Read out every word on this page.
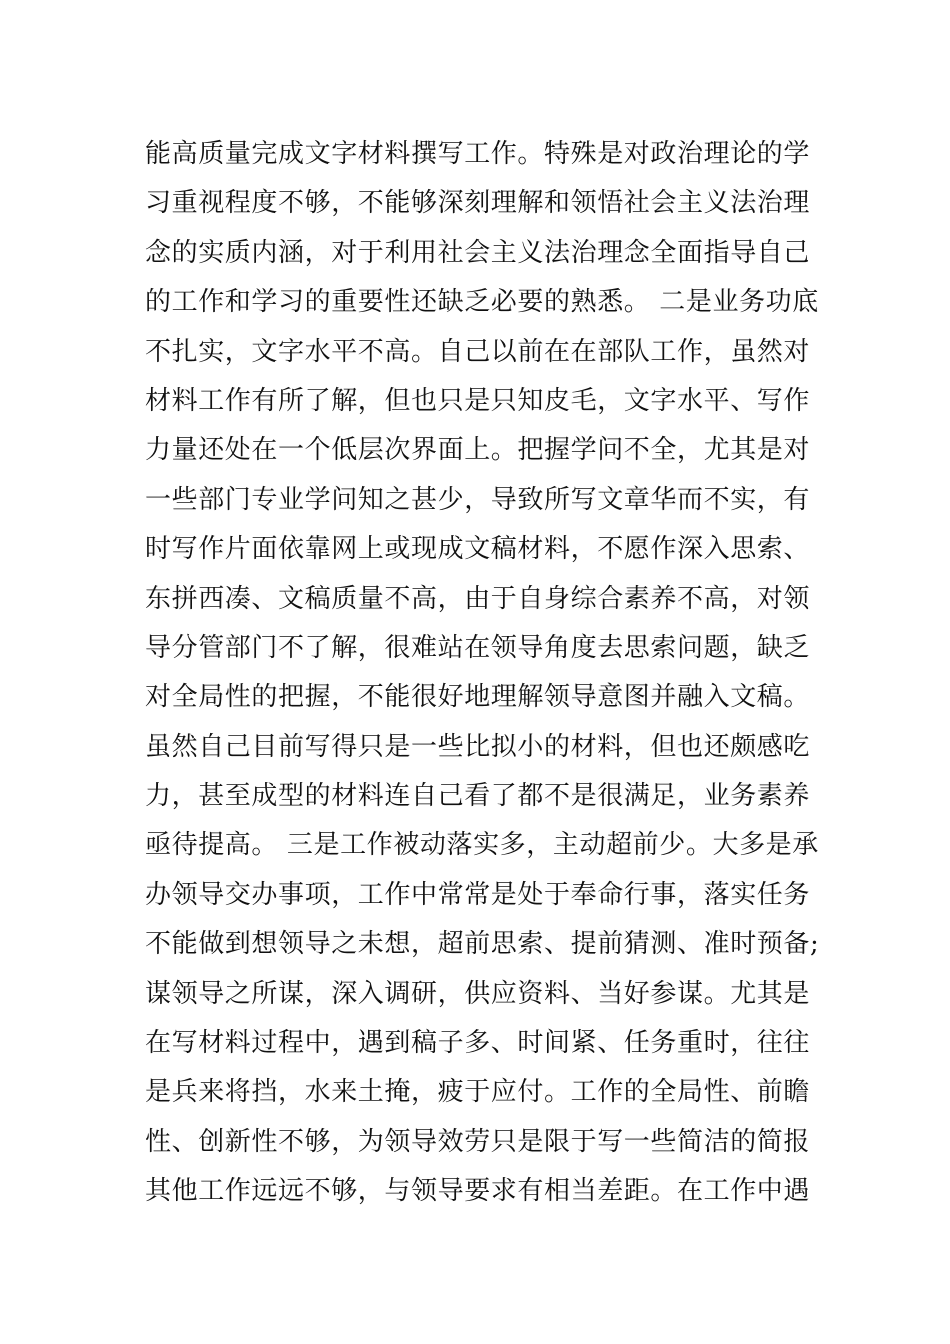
能高质量完成文字材料撰写工作。特殊是对政治理论的学
习重视程度不够，不能够深刻理解和领悟社会主义法治理
念的实质内涵，对于利用社会主义法治理念全面指导自己
的工作和学习的重要性还缺乏必要的熟悉。 二是业务功底
不扎实，文字水平不高。自己以前在在部队工作，虽然对
材料工作有所了解，但也只是只知皮毛，文字水平、写作
力量还处在一个低层次界面上。把握学问不全，尤其是对
一些部门专业学问知之甚少，导致所写文章华而不实，有
时写作片面依靠网上或现成文稿材料，不愿作深入思索、
东拼西凑、文稿质量不高，由于自身综合素养不高，对领
导分管部门不了解，很难站在领导角度去思索问题，缺乏
对全局性的把握，不能很好地理解领导意图并融入文稿。
虽然自己目前写得只是一些比拟小的材料，但也还颇感吃
力，甚至成型的材料连自己看了都不是很满足，业务素养
亟待提高。 三是工作被动落实多，主动超前少。大多是承
办领导交办事项，工作中常常是处于奉命行事，落实任务
不能做到想领导之未想，超前思索、提前猜测、准时预备;
谋领导之所谋，深入调研，供应资料、当好参谋。尤其是
在写材料过程中，遇到稿子多、时间紧、任务重时，往往
是兵来将挡，水来土掩，疲于应付。工作的全局性、前瞻
性、创新性不够，为领导效劳只是限于写一些简洁的简报
其他工作远远不够，与领导要求有相当差距。在工作中遇
